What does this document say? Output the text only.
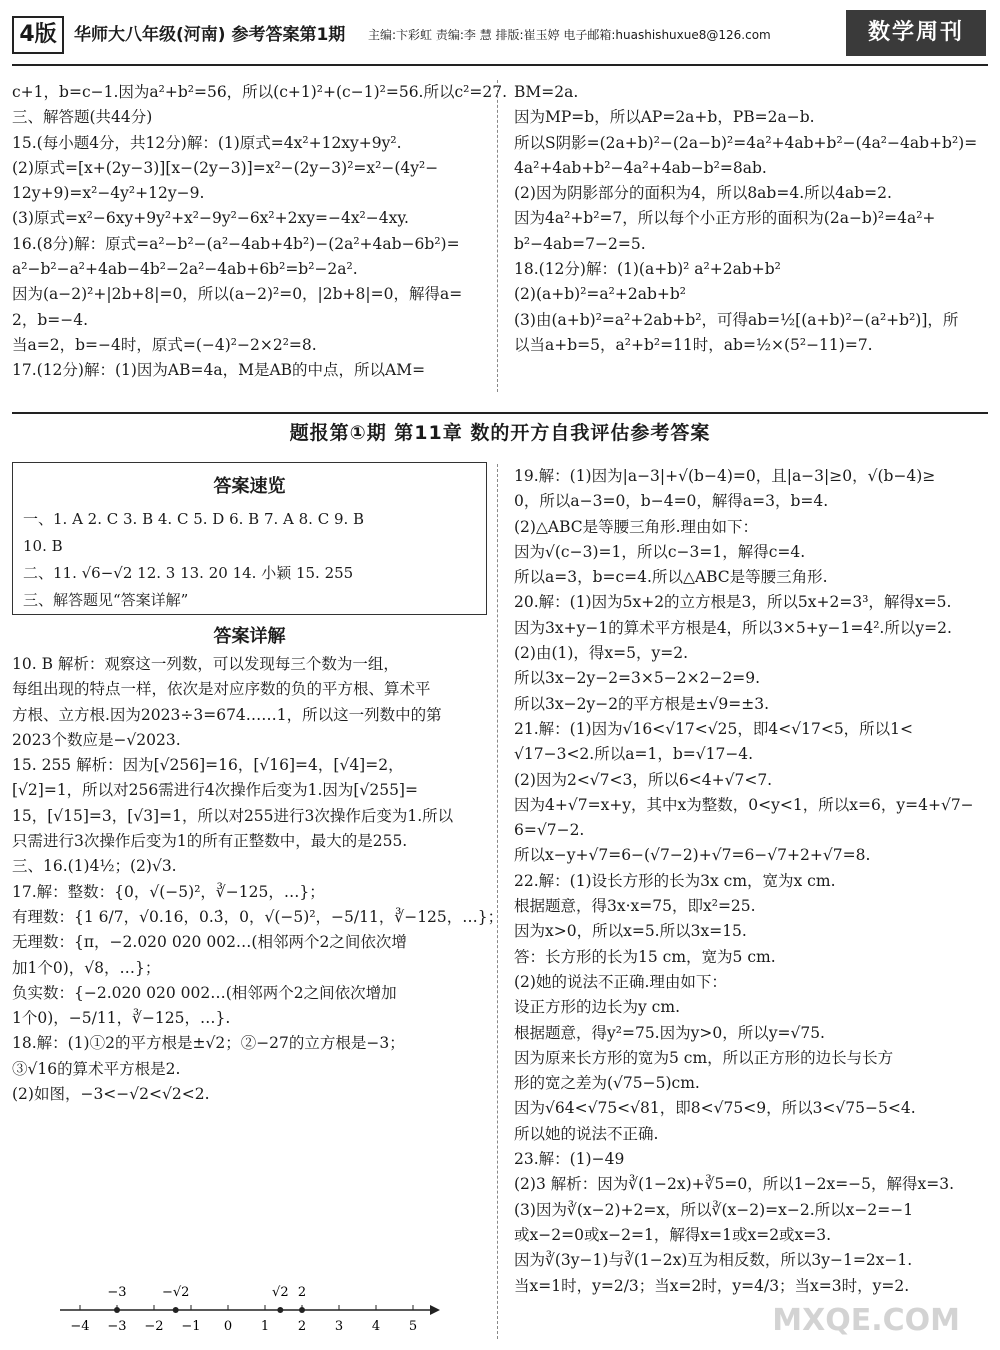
4版	华师大八年级(河南) 参考答案第1期 主编:卞彩虹 责编:李 慧 排版:崔玉婷 电子邮箱:huashishuxue8@126.com	数学周刊

c+1，b=c−1.因为a²+b²=56，所以(c+1)²+(c−1)²=56.所以c²=27.

三、解答题(共44分)

15.(每小题4分，共12分)解：(1)原式=4x²+12xy+9y².

(2)原式=[x+(2y−3)][x−(2y−3)]=x²−(2y−3)²=x²−(4y²−

12y+9)=x²−4y²+12y−9.

(3)原式=x²−6xy+9y²+x²−9y²−6x²+2xy=−4x²−4xy.

16.(8分)解：原式=a²−b²−(a²−4ab+4b²)−(2a²+4ab−6b²)=

a²−b²−a²+4ab−4b²−2a²−4ab+6b²=b²−2a².

因为(a−2)²+|2b+8|=0，所以(a−2)²=0，|2b+8|=0，解得a=

2，b=−4.

当a=2，b=−4时，原式=(−4)²−2×2²=8.

17.(12分)解：(1)因为AB=4a，M是AB的中点，所以AM=

BM=2a.

因为MP=b，所以AP=2a+b，PB=2a−b.

所以S阴影=(2a+b)²−(2a−b)²=4a²+4ab+b²−(4a²−4ab+b²)=

4a²+4ab+b²−4a²+4ab−b²=8ab.

(2)因为阴影部分的面积为4，所以8ab=4.所以4ab=2.

因为4a²+b²=7，所以每个小正方形的面积为(2a−b)²=4a²+

b²−4ab=7−2=5.

18.(12分)解：(1)(a+b)² a²+2ab+b²

(2)(a+b)²=a²+2ab+b²

(3)由(a+b)²=a²+2ab+b²，可得ab=½[(a+b)²−(a²+b²)]，所

以当a+b=5，a²+b²=11时，ab=½×(5²−11)=7.

题报第①期 第11章 数的开方自我评估参考答案
答案速览

一、1. A 2. C 3. B 4. C 5. D 6. B 7. A 8. C 9. B

10. B

二、11. √6−√2 12. 3 13. 20 14. 小颖 15. 255

三、解答题见“答案详解”

答案详解

10. B 解析：观察这一列数，可以发现每三个数为一组，

每组出现的特点一样，依次是对应序数的负的平方根、算术平

方根、立方根.因为2023÷3=674……1，所以这一列数中的第

2023个数应是−√2023.

15. 255 解析：因为[√256]=16，[√16]=4，[√4]=2，

[√2]=1，所以对256需进行4次操作后变为1.因为[√255]=

15，[√15]=3，[√3]=1，所以对255进行3次操作后变为1.所以

只需进行3次操作后变为1的所有正整数中，最大的是255.

三、16.(1)4½；(2)√3.

17.解：整数：{0，√(−5)²，∛−125，…}；

有理数：{1 6/7，√0.16，0.3̇，0，√(−5)²，−5/11，∛−125，…}；

无理数：{π，−2.020 020 002…(相邻两个2之间依次增

加1个0)，√8，…}；

负实数：{−2.020 020 002…(相邻两个2之间依次增加

1个0)，−5/11，∛−125，…}.

18.解：(1)①2的平方根是±√2；②−27的立方根是−3；

③√16的算术平方根是2.

(2)如图，−3<−√2<√2<2.

19.解：(1)因为|a−3|+√(b−4)=0，且|a−3|≥0，√(b−4)≥

0，所以a−3=0，b−4=0，解得a=3，b=4.

(2)△ABC是等腰三角形.理由如下：

因为√(c−3)=1，所以c−3=1，解得c=4.

所以a=3，b=c=4.所以△ABC是等腰三角形.

20.解：(1)因为5x+2的立方根是3，所以5x+2=3³，解得x=5.

因为3x+y−1的算术平方根是4，所以3×5+y−1=4².所以y=2.

(2)由(1)，得x=5，y=2.

所以3x−2y−2=3×5−2×2−2=9.

所以3x−2y−2的平方根是±√9=±3.

21.解：(1)因为√16<√17<√25，即4<√17<5，所以1<

√17−3<2.所以a=1，b=√17−4.

(2)因为2<√7<3，所以6<4+√7<7.

因为4+√7=x+y，其中x为整数，0<y<1，所以x=6，y=4+√7−

6=√7−2.

所以x−y+√7=6−(√7−2)+√7=6−√7+2+√7=8.

22.解：(1)设长方形的长为3x cm，宽为x cm.

根据题意，得3x·x=75，即x²=25.

因为x>0，所以x=5.所以3x=15.

答：长方形的长为15 cm，宽为5 cm.

(2)她的说法不正确.理由如下：

设正方形的边长为y cm.

根据题意，得y²=75.因为y>0，所以y=√75.

因为原来长方形的宽为5 cm，所以正方形的边长与长方

形的宽之差为(√75−5)cm.

因为√64<√75<√81，即8<√75<9，所以3<√75−5<4.

所以她的说法不正确.

23.解：(1)−49

(2)3 解析：因为∛(1−2x)+∛5=0，所以1−2x=−5，解得x=3.

(3)因为∛(x−2)+2=x，所以∛(x−2)=x−2.所以x−2=−1

或x−2=0或x−2=1，解得x=1或x=2或x=3.

因为∛(3y−1)与∛(1−2x)互为相反数，所以3y−1=2x−1.

当x=1时，y=2/3；当x=2时，y=4/3；当x=3时，y=2.

−4 −3 −2 −1 0 1 2 3 4 5
−3	−√2	√2 2
MXQE.COM
